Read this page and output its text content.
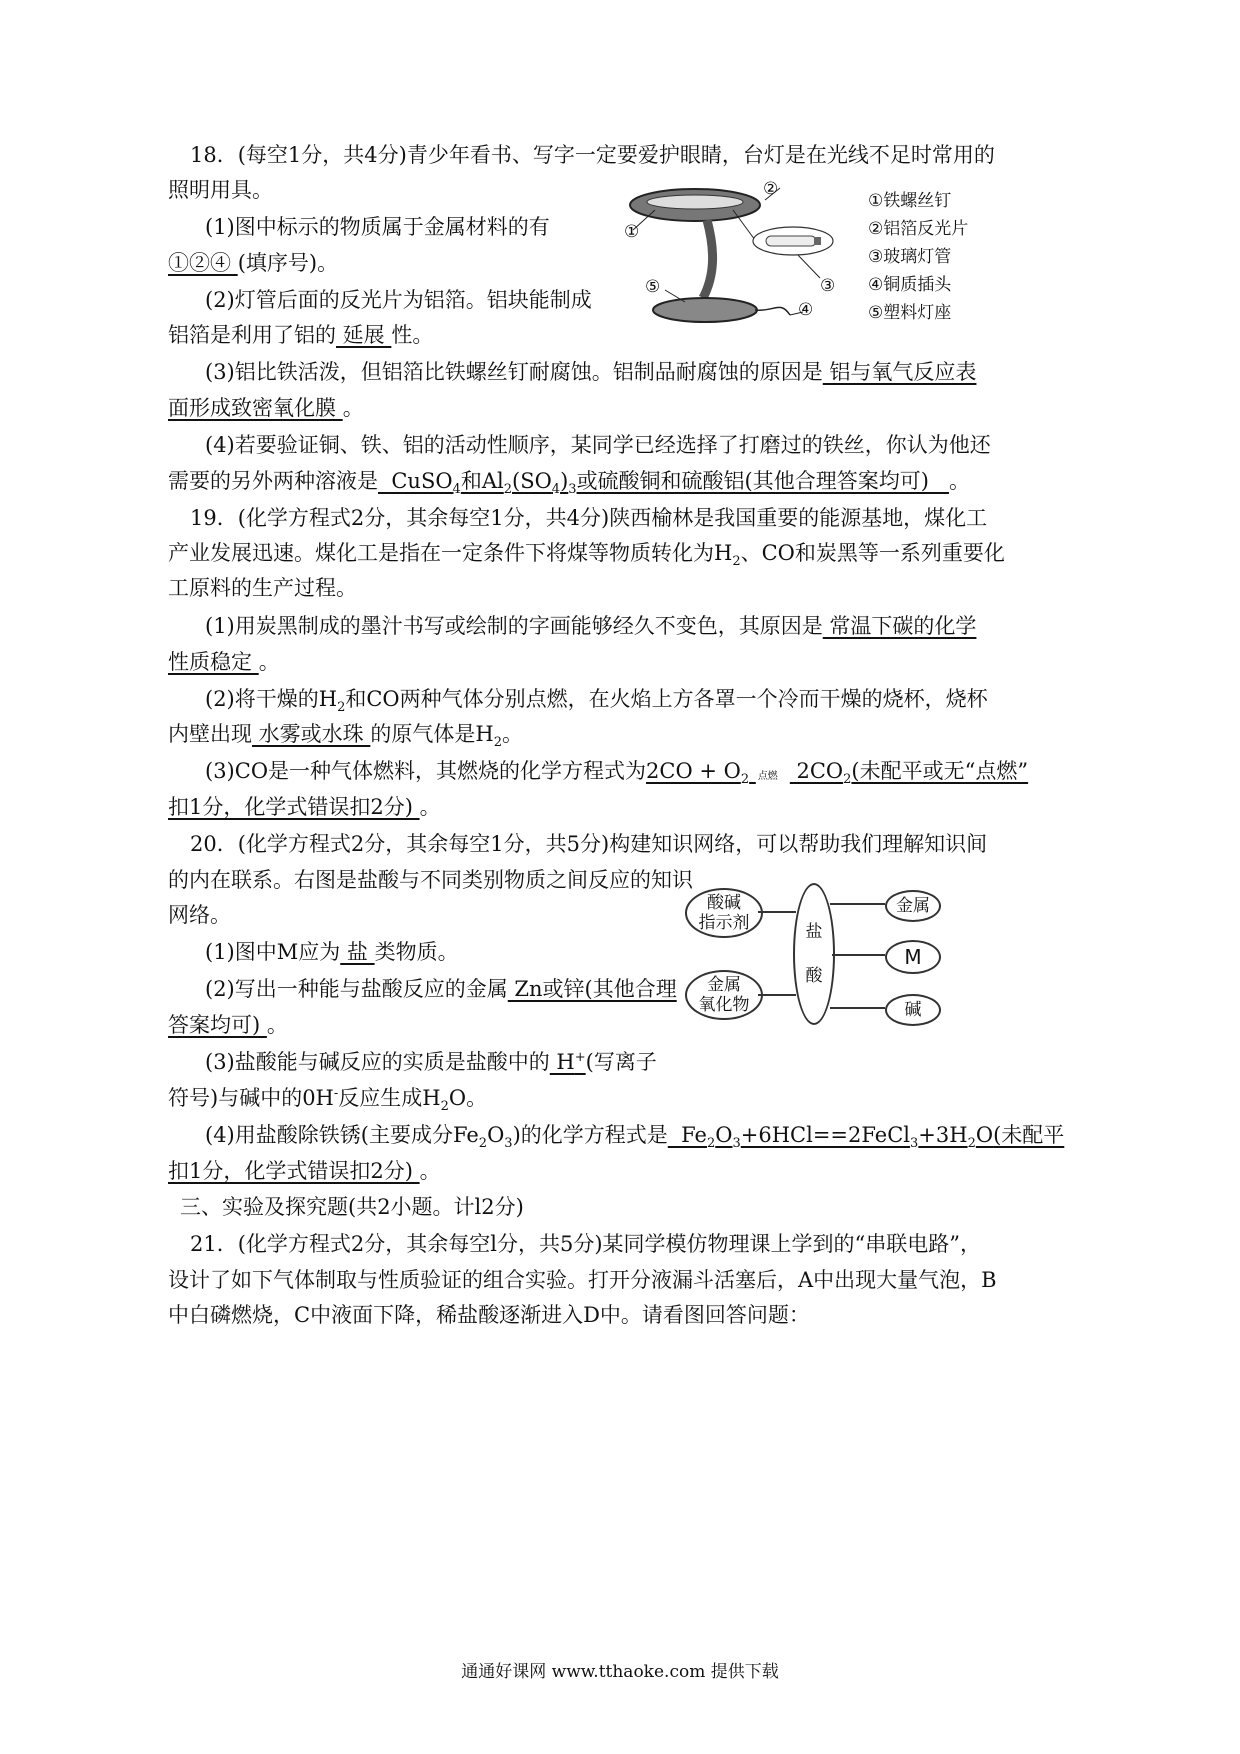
18．(每空1分，共4分)青少年看书、写字一定要爱护眼睛，台灯是在光线不足时常用的
照明用具。
(1)图中标示的物质属于金属材料的有
①②④ (填序号)。
(2)灯管后面的反光片为铝箔。铝块能制成
铝箔是利用了铝的 延展 性。
(3)铝比铁活泼，但铝箔比铁螺丝钉耐腐蚀。铝制品耐腐蚀的原因是 铝与氧气反应表
面形成致密氧化膜 。
(4)若要验证铜、铁、铝的活动性顺序，某同学已经选择了打磨过的铁丝，你认为他还
需要的另外两种溶液是  CuSO$_4$和$Al_2(SO_4)_3$或硫酸铜和硫酸铝(其他合理答案均可)   。
②
①
③
⑤
④
①铁螺丝钉
②铝箔反光片
③玻璃灯管
④铜质插头
⑤塑料灯座
19．(化学方程式2分，其余每空1分，共4分)陕西榆林是我国重要的能源基地，煤化工
产业发展迅速。煤化工是指在一定条件下将煤等物质转化为$H_2$、CO和炭黑等一系列重要化
工原料的生产过程。
(1)用炭黑制成的墨汁书写或绘制的字画能够经久不变色，其原因是 常温下碳的化学
性质稳定 。
(2)将干燥的$H_2$和CO两种气体分别点燃，在火焰上方各罩一个冷而干燥的烧杯，烧杯
内壁出现 水雾或水珠 的原气体是$H_2$。
(3)CO是一种气体燃料，其燃烧的化学方程式为$2CO + O_2$ 点燃 $2CO_2$(未配平或无“点燃”
扣1分，化学式错误扣2分) 。
20．(化学方程式2分，其余每空1分，共5分)构建知识网络，可以帮助我们理解知识间
的内在联系。右图是盐酸与不同类别物质之间反应的知识
网络。
(1)图中M应为 盐 类物质。
(2)写出一种能与盐酸反应的金属 Zn或锌(其他合理
答案均可) 。
(3)盐酸能与碱反应的实质是盐酸中的 H+(写离子
符号)与碱中的0H-反应生成$H_2O$。
(4)用盐酸除铁锈(主要成分$Fe_2O_3$)的化学方程式是  $Fe_2O_3+6HCl==2FeCl_3+3H_2O$(未配平
扣1分，化学式错误扣2分) 。
酸碱
指示剂
金属
氧化物
盐
酸
金属
M
碱
三、实验及探究题(共2小题。计l2分)
21．(化学方程式2分，其余每空l分，共5分)某同学模仿物理课上学到的“串联电路”，
设计了如下气体制取与性质验证的组合实验。打开分液漏斗活塞后，A中出现大量气泡，B
中白磷燃烧，C中液面下降，稀盐酸逐渐进入D中。请看图回答问题：
通通好课网 www.tthaoke.com 提供下载
